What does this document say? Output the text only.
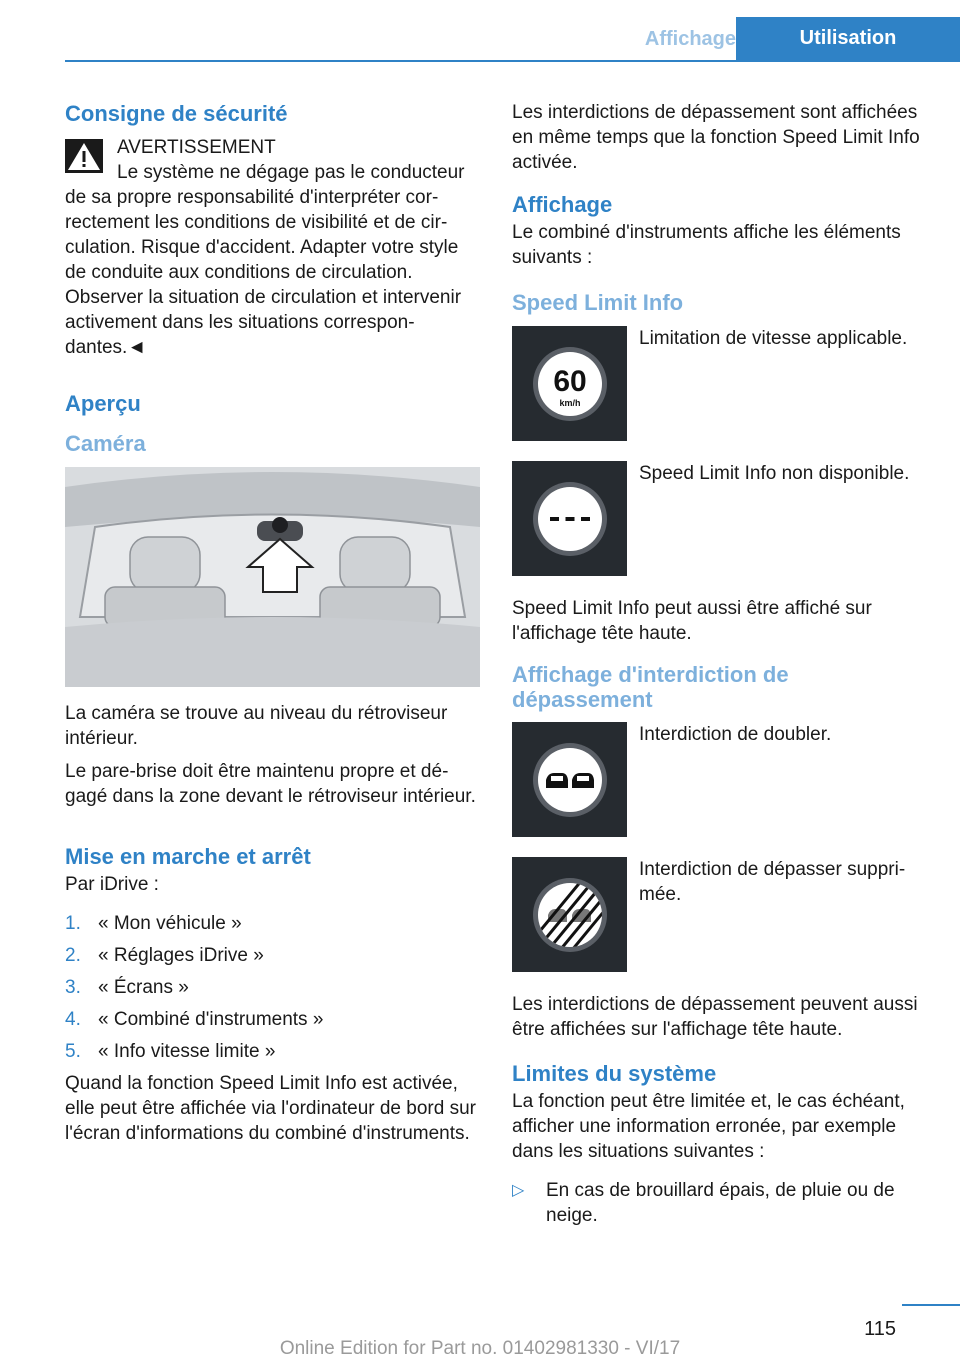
Affichage	Utilisation
Consigne de sécurité
AVERTISSEMENT
Le système ne dégage pas le conducteur
de sa propre responsabilité d'interpréter correctement les conditions de visibilité et de circulation. Risque d'accident. Adapter votre style de conduite aux conditions de circulation. Observer la situation de circulation et intervenir activement dans les situations correspondantes.◄
Aperçu
Caméra

La caméra se trouve au niveau du rétroviseur intérieur.

Le pare-brise doit être maintenu propre et dégagé dans la zone devant le rétroviseur intérieur.

Mise en marche et arrêt

Par iDrive :

1. « Mon véhicule »
2. « Réglages iDrive »
3. « Écrans »
4. « Combiné d'instruments »
5. « Info vitesse limite »

Quand la fonction Speed Limit Info est activée, elle peut être affichée via l'ordinateur de bord sur l'écran d'informations du combiné d'instruments.

Les interdictions de dépassement sont affichées en même temps que la fonction Speed Limit Info activée.

Affichage

Le combiné d'instruments affiche les éléments suivants :

Speed Limit Info
60
km/h
Limitation de vitesse applicable.
Speed Limit Info non disponible.

Speed Limit Info peut aussi être affiché sur l'affichage tête haute.

Affichage d'interdiction de dépassement
Interdiction de doubler.
Interdiction de dépasser supprimée.

Les interdictions de dépassement peuvent aussi être affichées sur l'affichage tête haute.

Limites du système

La fonction peut être limitée et, le cas échéant, afficher une information erronée, par exemple dans les situations suivantes :

▷	En cas de brouillard épais, de pluie ou de neige.
115
Online Edition for Part no. 01402981330 - VI/17
